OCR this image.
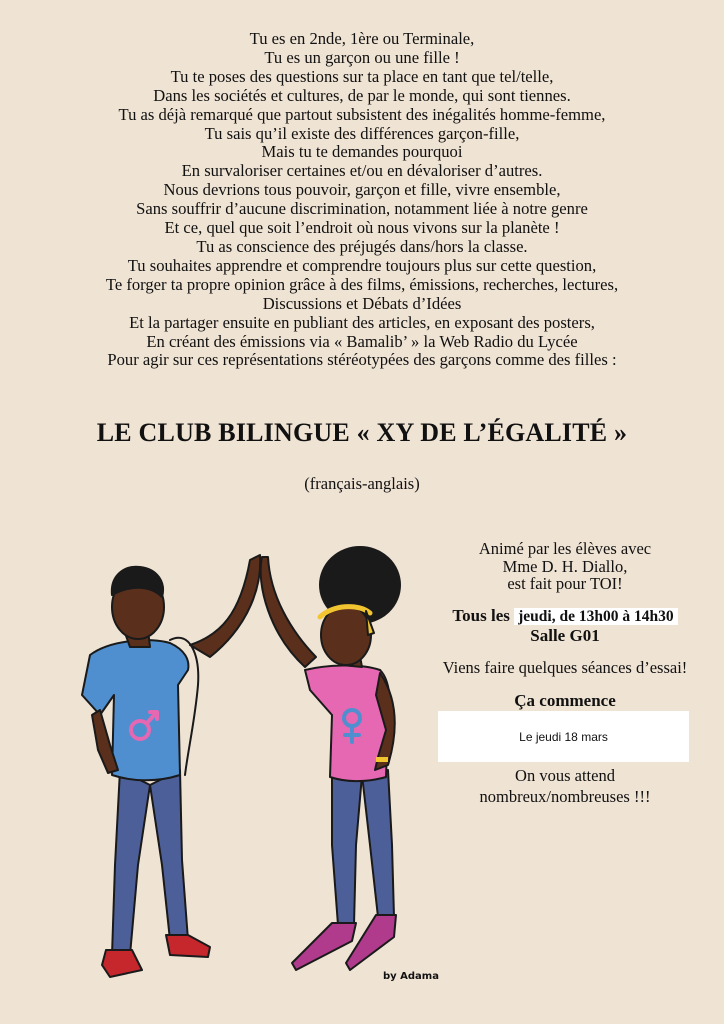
Tu es en 2nde, 1ère ou Terminale,
Tu es un garçon ou une fille !
Tu te poses des questions sur ta place en tant que tel/telle,
Dans les sociétés et cultures, de par le monde, qui sont tiennes.
Tu as déjà remarqué que partout subsistent des inégalités homme-femme,
Tu sais qu’il existe des différences garçon-fille,
Mais tu te demandes pourquoi
En survaloriser certaines et/ou en dévaloriser d’autres.
Nous devrions tous pouvoir, garçon et fille, vivre ensemble,
Sans souffrir d’aucune discrimination, notamment liée à notre genre
Et ce, quel que soit l’endroit où nous vivons sur la planète !
Tu as conscience des préjugés dans/hors la classe.
Tu souhaites apprendre et comprendre toujours plus sur cette question,
Te forger ta propre opinion grâce à des films, émissions, recherches, lectures,
Discussions et Débats d’Idées
Et la partager ensuite en publiant des articles, en exposant des posters,
En créant des émissions via « Bamalib’ » la Web Radio du Lycée
Pour agir sur ces représentations stéréotypées des garçons comme des filles :
LE CLUB BILINGUE « XY DE L’ÉGALITÉ »
(français-anglais)
Animé par les élèves avec
Mme D. H. Diallo,
est fait pour TOI!
Tous les jeudi, de 13h00 à 14h30
Salle G01
Viens faire quelques séances d’essai!
Ça commence
Le jeudi 18 mars
On vous attend
nombreux/nombreuses !!!
by Adama
